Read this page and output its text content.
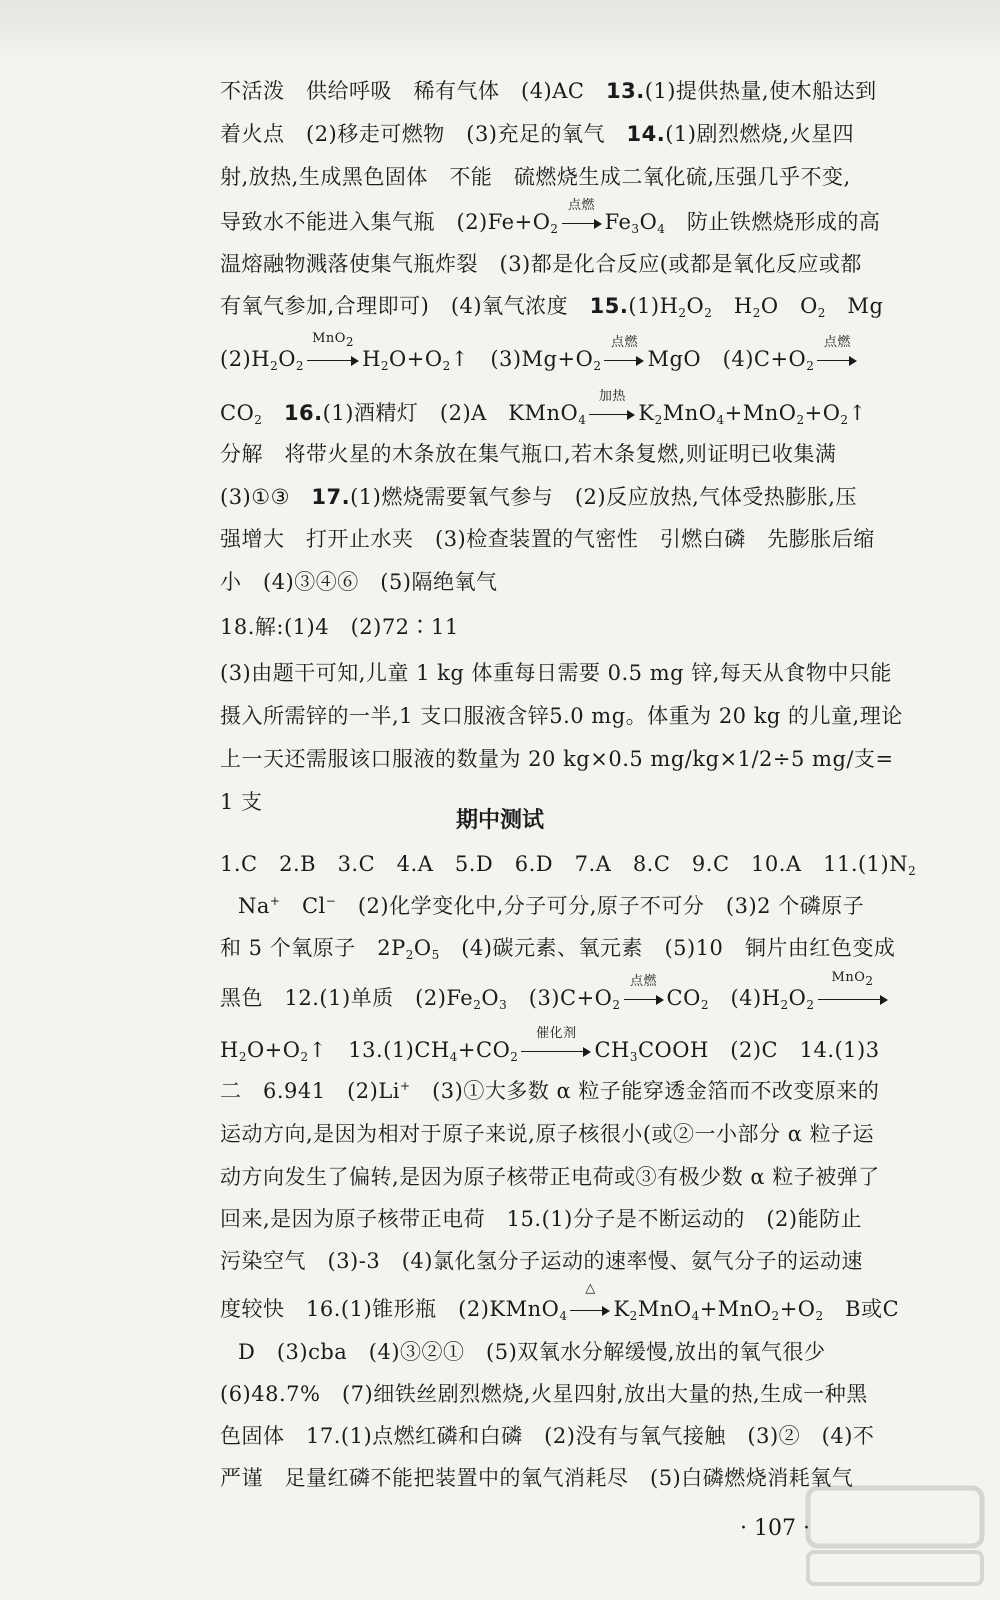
不活泼　供给呼吸　稀有气体　(4)AC　13.(1)提供热量,使木船达到
着火点　(2)移走可燃物　(3)充足的氧气　14.(1)剧烈燃烧,火星四
射,放热,生成黑色固体　不能　硫燃烧生成二氧化硫,压强几乎不变,
导致水不能进入集气瓶　$(2)Fe+O_2$
点燃
$Fe_3O_4$　 防止铁燃烧形成的高
温熔融物溅落使集气瓶炸裂　(3)都是化合反应(或都是氧化反应或都
有氧气参加,合理即可)　(4)氧气浓度　$15.(1)H_2O_2$　$H_2O$　$O_2$　Mg
$(2)H_2O_2$
MnO$_2$
$H_2O+O_2↑$　 $(3)Mg+O_2$
点燃
MgO　 $(4)C+O_2$
点燃
$CO_2$　 16.(1)酒精灯　(2)A　KMnO$_4$
加热
$K_2MnO_4+MnO_2+O_2↑$
分解　将带火星的木条放在集气瓶口,若木条复燃,则证明已收集满
(3)①③　17.(1)燃烧需要氧气参与　(2)反应放热,气体受热膨胀,压
强增大　打开止水夹　(3)检查装置的气密性　引燃白磷　先膨胀后缩
小　(4)③④⑥　(5)隔绝氧气
18.解:(1)4　(2)72∶11
(3)由题干可知,儿童 1 kg 体重每日需要 0.5 mg 锌,每天从食物中只能
摄入所需锌的一半,1 支口服液含锌5.0 mg。体重为 20 kg 的儿童,理论
上一天还需服该口服液的数量为 20 kg×0.5 mg/kg×1/2÷5 mg/支=
1 支
期中测试
1.C　2.B　3.C　4.A　5.D　6.D　7.A　8.C　9.C　10.A　$11.(1)N_2$
Na+　Cl−　(2)化学变化中,分子可分,原子不可分　(3)2 个磷原子
和 5 个氧原子　$2P_2O_5$　(4)碳元素、氧元素　(5)10　铜片由红色变成
黑色　12.(1)单质　$(2)Fe_2O_3$　$(3)C+O_2$
点燃
$CO_2$　$(4)H_2O_2$
MnO$_2$
$H_2O+O_2↑$　$13.(1)CH_4+CO_2$
催化剂
$CH_3COOH$　(2)C　14.(1)3
二　6.941　(2)Li+　(3)①大多数 α 粒子能穿透金箔而不改变原来的
运动方向,是因为相对于原子来说,原子核很小(或②一小部分 α 粒子运
动方向发生了偏转,是因为原子核带正电荷或③有极少数 α 粒子被弹了
回来,是因为原子核带正电荷　15.(1)分子是不断运动的　(2)能防止
污染空气　(3)-3　(4)氯化氢分子运动的速率慢、氨气分子的运动速
度较快　16.(1)锥形瓶　(2)KMnO$_4$
△
$K_2MnO_4+MnO_2+O_2$　B或C
D　(3)cba　(4)③②①　(5)双氧水分解缓慢,放出的氧气很少
(6)48.7%　(7)细铁丝剧烈燃烧,火星四射,放出大量的热,生成一种黑
色固体　17.(1)点燃红磷和白磷　(2)没有与氧气接触　(3)②　(4)不
严谨　足量红磷不能把装置中的氧气消耗尽　(5)白磷燃烧消耗氧气
· 107 ·
